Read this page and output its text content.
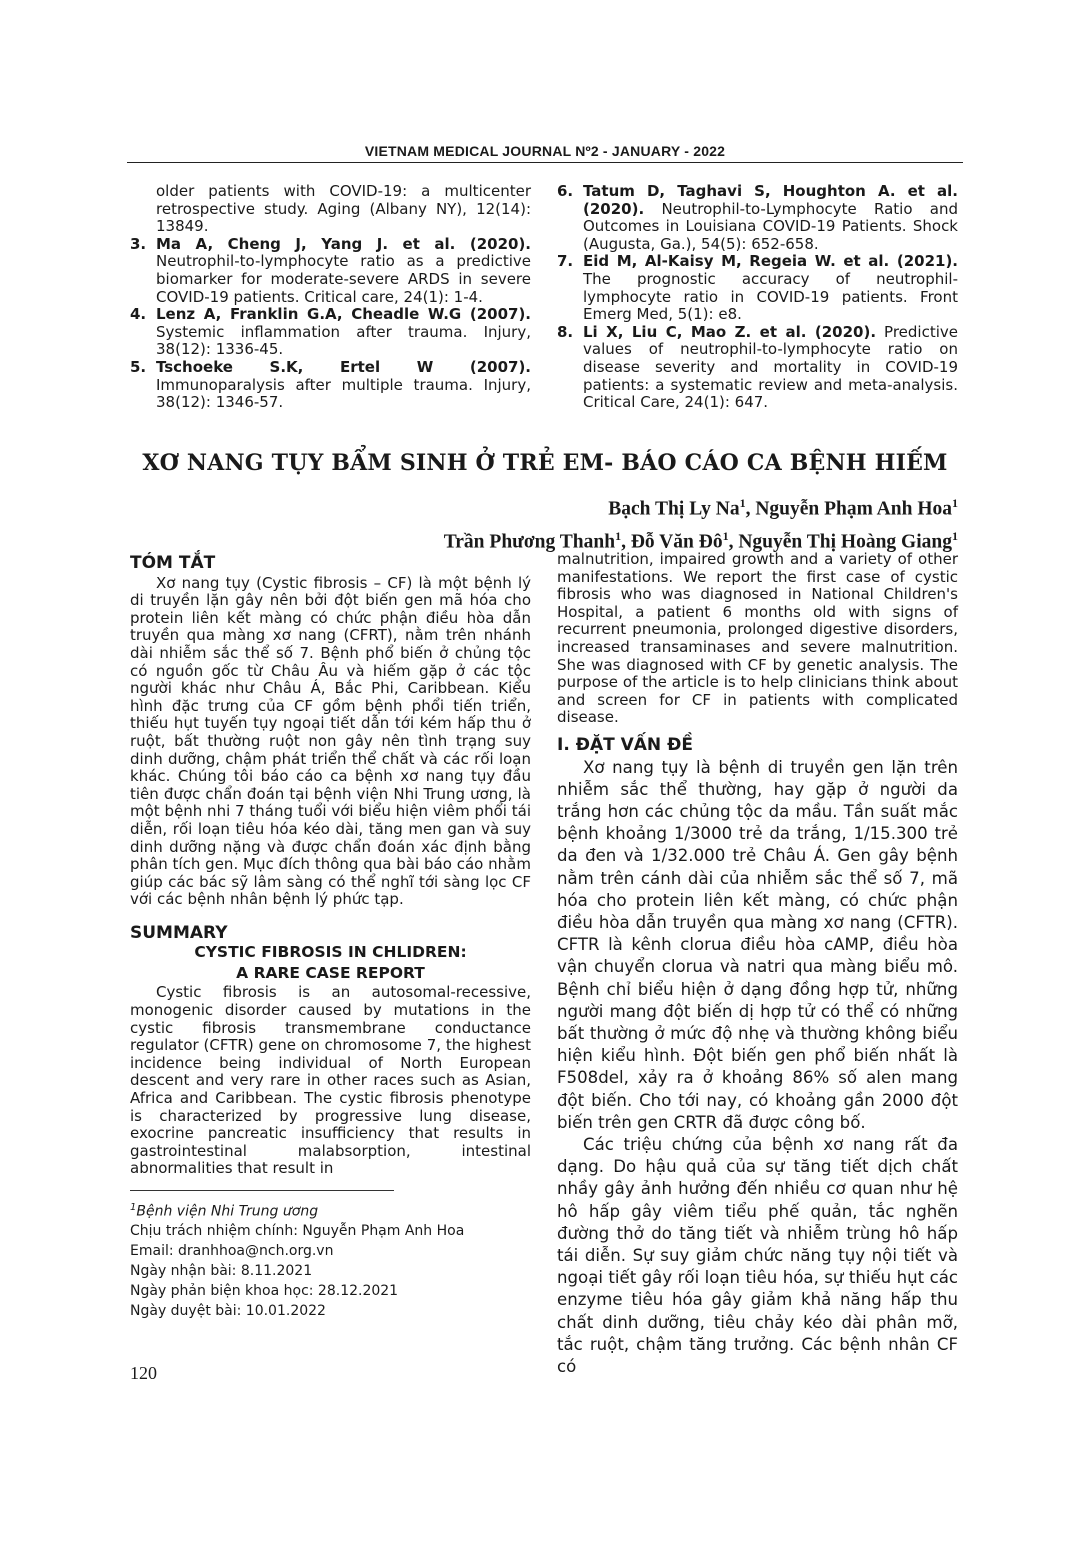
VIETNAM MEDICAL JOURNAL Nº2 - JANUARY - 2022
older patients with COVID-19: a multicenter retrospective study. Aging (Albany NY), 12(14): 13849.
3. Ma A, Cheng J, Yang J. et al. (2020). Neutrophil-to-lymphocyte ratio as a predictive biomarker for moderate-severe ARDS in severe COVID-19 patients. Critical care, 24(1): 1-4.
4. Lenz A, Franklin G.A, Cheadle W.G (2007). Systemic inflammation after trauma. Injury, 38(12): 1336-45.
5. Tschoeke S.K, Ertel W (2007). Immunoparalysis after multiple trauma. Injury, 38(12): 1346-57.
6. Tatum D, Taghavi S, Houghton A. et al. (2020). Neutrophil-to-Lymphocyte Ratio and Outcomes in Louisiana COVID-19 Patients. Shock (Augusta, Ga.), 54(5): 652-658.
7. Eid M, Al-Kaisy M, Regeia W. et al. (2021). The prognostic accuracy of neutrophil-lymphocyte ratio in COVID-19 patients. Front Emerg Med, 5(1): e8.
8. Li X, Liu C, Mao Z. et al. (2020). Predictive values of neutrophil-to-lymphocyte ratio on disease severity and mortality in COVID-19 patients: a systematic review and meta-analysis. Critical Care, 24(1): 647.
XƠ NANG TỤY BẨM SINH Ở TRẺ EM- BÁO CÁO CA BỆNH HIẾM
Bạch Thị Ly Na$^1$, Nguyễn Phạm Anh Hoa$^1$
Trần Phương Thanh$^1$, Đỗ Văn $Đô^1$, Nguyễn Thị Hoàng Giang$^1$
TÓM TẮT
Xơ nang tụy (Cystic fibrosis – CF) là một bệnh lý di truyền lặn gây nên bởi đột biến gen mã hóa cho protein liên kết màng có chức phận điều hòa dẫn truyền qua màng xơ nang (CFRT), nằm trên nhánh dài nhiễm sắc thể số 7. Bệnh phổ biến ở chủng tộc có nguồn gốc từ Châu Âu và hiếm gặp ở các tộc người khác như Châu Á, Bắc Phi, Caribbean. Kiểu hình đặc trưng của CF gồm bệnh phổi tiến triển, thiếu hụt tuyến tụy ngoại tiết dẫn tới kém hấp thu ở ruột, bất thường ruột non gây nên tình trạng suy dinh dưỡng, chậm phát triển thể chất và các rối loạn khác. Chúng tôi báo cáo ca bệnh xơ nang tụy đầu tiên được chẩn đoán tại bệnh viện Nhi Trung ương, là một bệnh nhi 7 tháng tuổi với biểu hiện viêm phổi tái diễn, rối loạn tiêu hóa kéo dài, tăng men gan và suy dinh dưỡng nặng và được chẩn đoán xác định bằng phân tích gen. Mục đích thông qua bài báo cáo nhằm giúp các bác sỹ lâm sàng có thể nghĩ tới sàng lọc CF với các bệnh nhân bệnh lý phức tạp.
SUMMARY
CYSTIC FIBROSIS IN CHLIDREN:
A RARE CASE REPORT
Cystic fibrosis is an autosomal-recessive, monogenic disorder caused by mutations in the cystic fibrosis transmembrane conductance regulator (CFTR) gene on chromosome 7, the highest incidence being individual of North European descent and very rare in other races such as Asian, Africa and Caribbean. The cystic fibrosis phenotype is characterized by progressive lung disease, exocrine pancreatic insufficiency that results in gastrointestinal malabsorption, intestinal abnormalities that result in
malnutrition, impaired growth and a variety of other manifestations. We report the first case of cystic fibrosis who was diagnosed in National Children's Hospital, a patient 6 months old with signs of recurrent pneumonia, prolonged digestive disorders, increased transaminases and severe malnutrition. She was diagnosed with CF by genetic analysis. The purpose of the article is to help clinicians think about and screen for CF in patients with complicated disease.
I. ĐẶT VẤN ĐỀ
Xơ nang tụy là bệnh di truyền gen lặn trên nhiễm sắc thể thường, hay gặp ở người da trắng hơn các chủng tộc da mầu. Tần suất mắc bệnh khoảng 1/3000 trẻ da trắng, 1/15.300 trẻ da đen và 1/32.000 trẻ Châu Á. Gen gây bệnh nằm trên cánh dài của nhiễm sắc thể số 7, mã hóa cho protein liên kết màng, có chức phận điều hòa dẫn truyền qua màng xơ nang (CFTR). CFTR là kênh clorua điều hòa cAMP, điều hòa vận chuyển clorua và natri qua màng biểu mô. Bệnh chỉ biểu hiện ở dạng đồng hợp tử, những người mang đột biến dị hợp tử có thể có những bất thường ở mức độ nhẹ và thường không biểu hiện kiểu hình. Đột biến gen phổ biến nhất là F508del, xảy ra ở khoảng 86% số alen mang đột biến. Cho tới nay, có khoảng gần 2000 đột biến trên gen CRTR đã được công bố.
Các triệu chứng của bệnh xơ nang rất đa dạng. Do hậu quả của sự tăng tiết dịch chất nhầy gây ảnh hưởng đến nhiều cơ quan như hệ hô hấp gây viêm tiểu phế quản, tắc nghẽn đường thở do tăng tiết và nhiễm trùng hô hấp tái diễn. Sự suy giảm chức năng tụy nội tiết và ngoại tiết gây rối loạn tiêu hóa, sự thiếu hụt các enzyme tiêu hóa gây giảm khả năng hấp thu chất dinh dưỡng, tiêu chảy kéo dài phân mỡ, tắc ruột, chậm tăng trưởng. Các bệnh nhân CF có
$^1$Bệnh viện Nhi Trung ương
Chịu trách nhiệm chính: Nguyễn Phạm Anh Hoa
Email: dranhhoa@nch.org.vn
Ngày nhận bài: 8.11.2021
Ngày phản biện khoa học: 28.12.2021
Ngày duyệt bài: 10.01.2022
120
